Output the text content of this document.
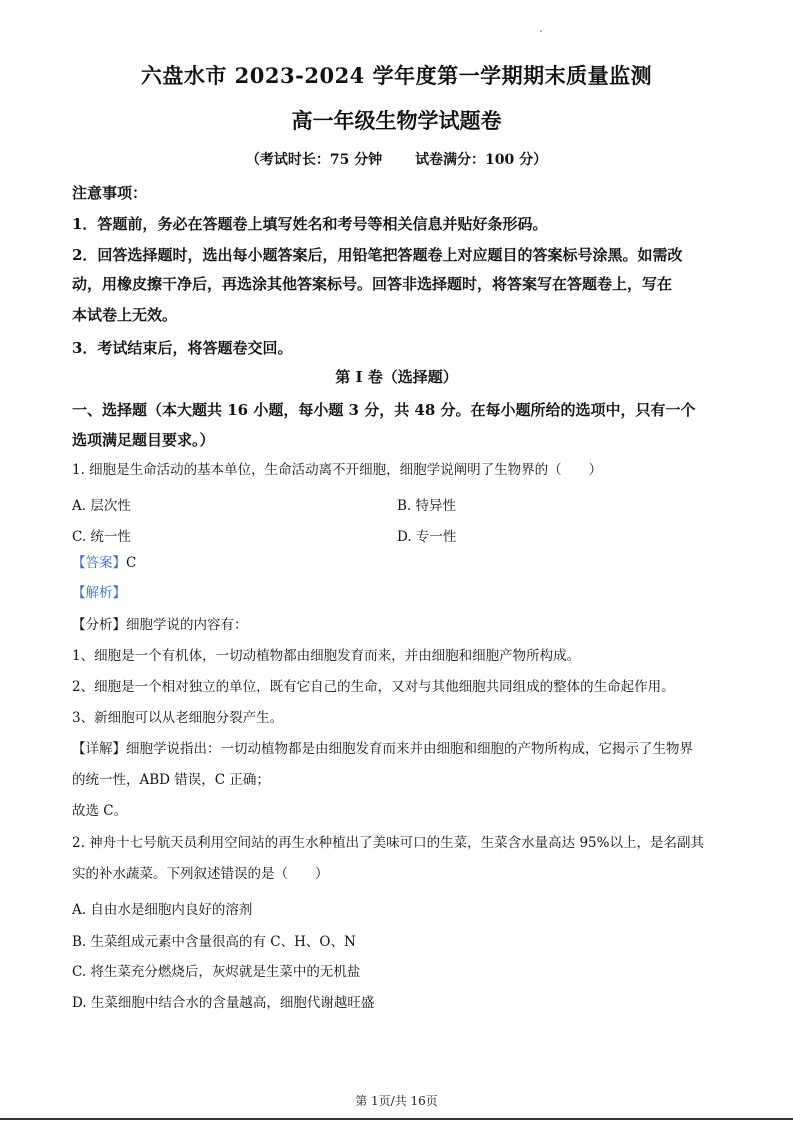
六盘水市 2023-2024 学年度第一学期期末质量监测
高一年级生物学试题卷
（考试时长：75 分钟 试卷满分：100 分）
注意事项：
1．答题前，务必在答题卷上填写姓名和考号等相关信息并贴好条形码。
2．回答选择题时，选出每小题答案后，用铅笔把答题卷上对应题目的答案标号涂黑。如需改
动，用橡皮擦干净后，再选涂其他答案标号。回答非选择题时，将答案写在答题卷上，写在
本试卷上无效。
3．考试结束后，将答题卷交回。
第 I 卷（选择题）
一、选择题（本大题共 16 小题，每小题 3 分，共 48 分。在每小题所给的选项中，只有一个
选项满足题目要求。）
1. 细胞是生命活动的基本单位，生命活动离不开细胞，细胞学说阐明了生物界的（　　）
A. 层次性	B. 特异性
C. 统一性	D. 专一性
【答案】C
【解析】
【分析】细胞学说的内容有：
1、细胞是一个有机体，一切动植物都由细胞发育而来，并由细胞和细胞产物所构成。
2、细胞是一个相对独立的单位，既有它自己的生命，又对与其他细胞共同组成的整体的生命起作用。
3、新细胞可以从老细胞分裂产生。
【详解】细胞学说指出：一切动植物都是由细胞发育而来并由细胞和细胞的产物所构成，它揭示了生物界
的统一性，ABD 错误，C 正确；
故选 C。
2. 神舟十七号航天员利用空间站的再生水种植出了美味可口的生菜，生菜含水量高达 95%以上，是名副其
实的补水蔬菜。下列叙述错误的是（　　）
A. 自由水是细胞内良好的溶剂
B. 生菜组成元素中含量很高的有 C、H、O、N
C. 将生菜充分燃烧后，灰烬就是生菜中的无机盐
D. 生菜细胞中结合水的含量越高，细胞代谢越旺盛
第 1页/共 16页
